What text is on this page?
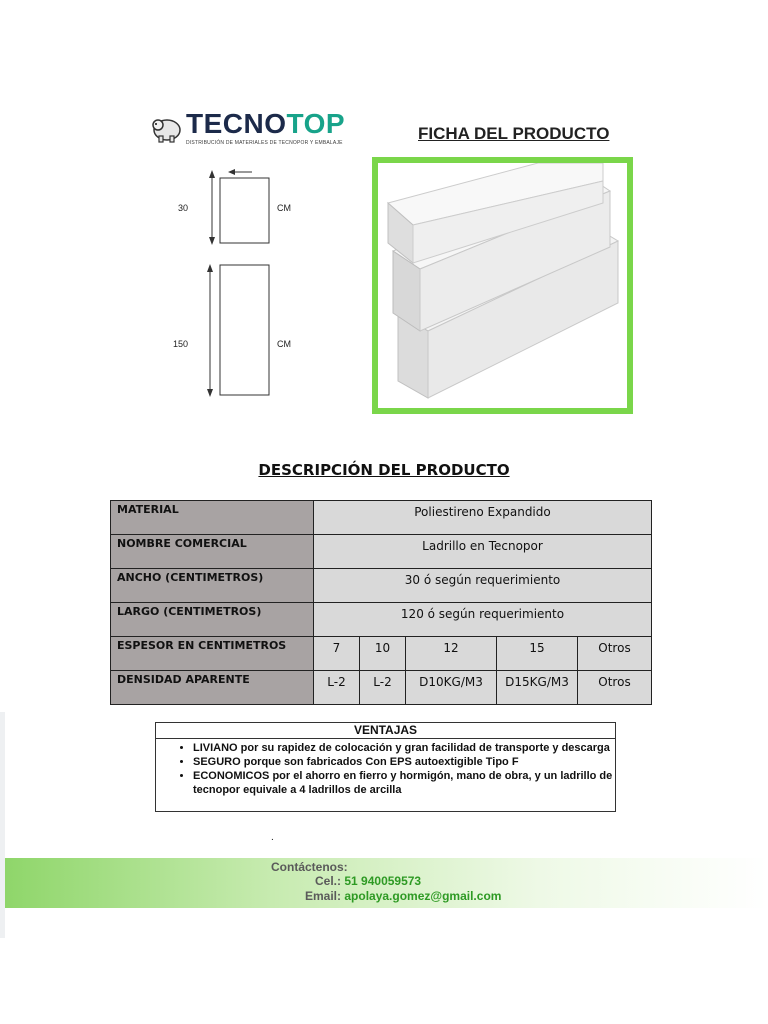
TECNOTOP
DISTRIBUCIÓN DE MATERIALES DE TECNOPOR Y EMBALAJE	FICHA DEL PRODUCTO
30	CM
150	CM
DESCRIPCIÓN DEL PRODUCTO
MATERIAL	Poliestireno Expandido				
NOMBRE COMERCIAL	Ladrillo en Tecnopor				
ANCHO (CENTIMETROS)	30 ó según requerimiento				
LARGO (CENTIMETROS)	120 ó según requerimiento				
ESPESOR EN CENTIMETROS	7	10	12	15	Otros
DENSIDAD APARENTE	L-2	L-2	D10KG/M3	D15KG/M3	Otros
VENTAJAS
• LIVIANO por su rapidez de colocación y gran facilidad de transporte y descarga
• SEGURO porque son fabricados Con EPS autoextigible Tipo F
• ECONOMICOS por el ahorro en fierro y hormigón, mano de obra, y un ladrillo de tecnopor equivale a 4 ladrillos de arcilla
.
Contáctenos:
Cel.: 51 940059573
Email: apolaya.gomez@gmail.com
